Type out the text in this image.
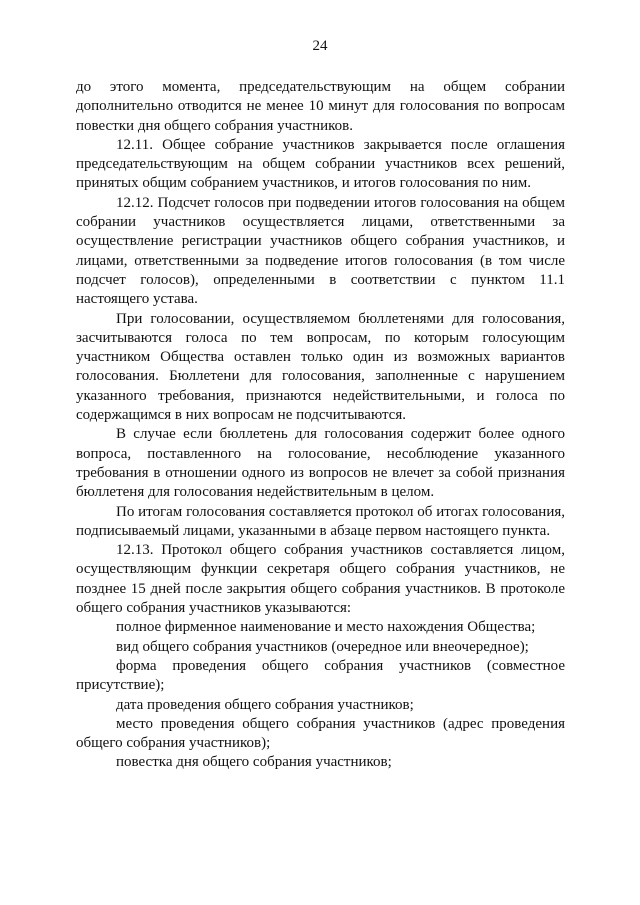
24

до этого момента, председательствующим на общем собрании дополнительно отводится не менее 10 минут для голосования по вопросам повестки дня общего собрания участников.

12.11. Общее собрание участников закрывается после оглашения председательствующим на общем собрании участников всех решений, принятых общим собранием участников, и итогов голосования по ним.

12.12. Подсчет голосов при подведении итогов голосования на общем собрании участников осуществляется лицами, ответственными за осуществление регистрации участников общего собрания участников, и лицами, ответственными за подведение итогов голосования (в том числе подсчет голосов), определенными в соответствии с пунктом 11.1 настоящего устава.

При голосовании, осуществляемом бюллетенями для голосования, засчитываются голоса по тем вопросам, по которым голосующим участником Общества оставлен только один из возможных вариантов голосования. Бюллетени для голосования, заполненные с нарушением указанного требования, признаются недействительными, и голоса по содержащимся в них вопросам не подсчитываются.

В случае если бюллетень для голосования содержит более одного вопроса, поставленного на голосование, несоблюдение указанного требования в отношении одного из вопросов не влечет за собой признания бюллетеня для голосования недействительным в целом.

По итогам голосования составляется протокол об итогах голосования, подписываемый лицами, указанными в абзаце первом настоящего пункта.

12.13. Протокол общего собрания участников составляется лицом, осуществляющим функции секретаря общего собрания участников, не позднее 15 дней после закрытия общего собрания участников. В протоколе общего собрания участников указываются:

полное фирменное наименование и место нахождения Общества;

вид общего собрания участников (очередное или внеочередное);

форма проведения общего собрания участников (совместное присутствие);

дата проведения общего собрания участников;

место проведения общего собрания участников (адрес проведения общего собрания участников);

повестка дня общего собрания участников;
